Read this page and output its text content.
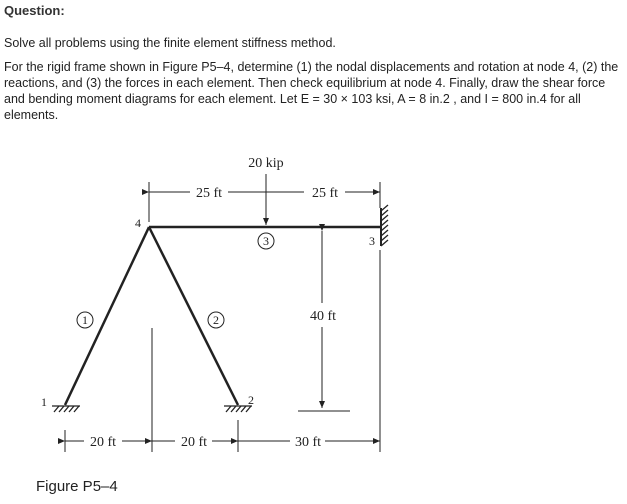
Question:
Solve all problems using the finite element stiffness method.
For the rigid frame shown in Figure P5–4, determine (1) the nodal displacements and rotation at node 4, (2) the reactions, and (3) the forces in each element. Then check equilibrium at node 4. Finally, draw the shear force and bending moment diagrams for each element. Let E = 30 × 103 ksi, A = 8 in.2 , and I = 800 in.4 for all elements.
1	2
3
4
1	2
3
20 kip
25 ft	25 ft
40 ft
20 ft	20 ft	30 ft
Figure P5–4
